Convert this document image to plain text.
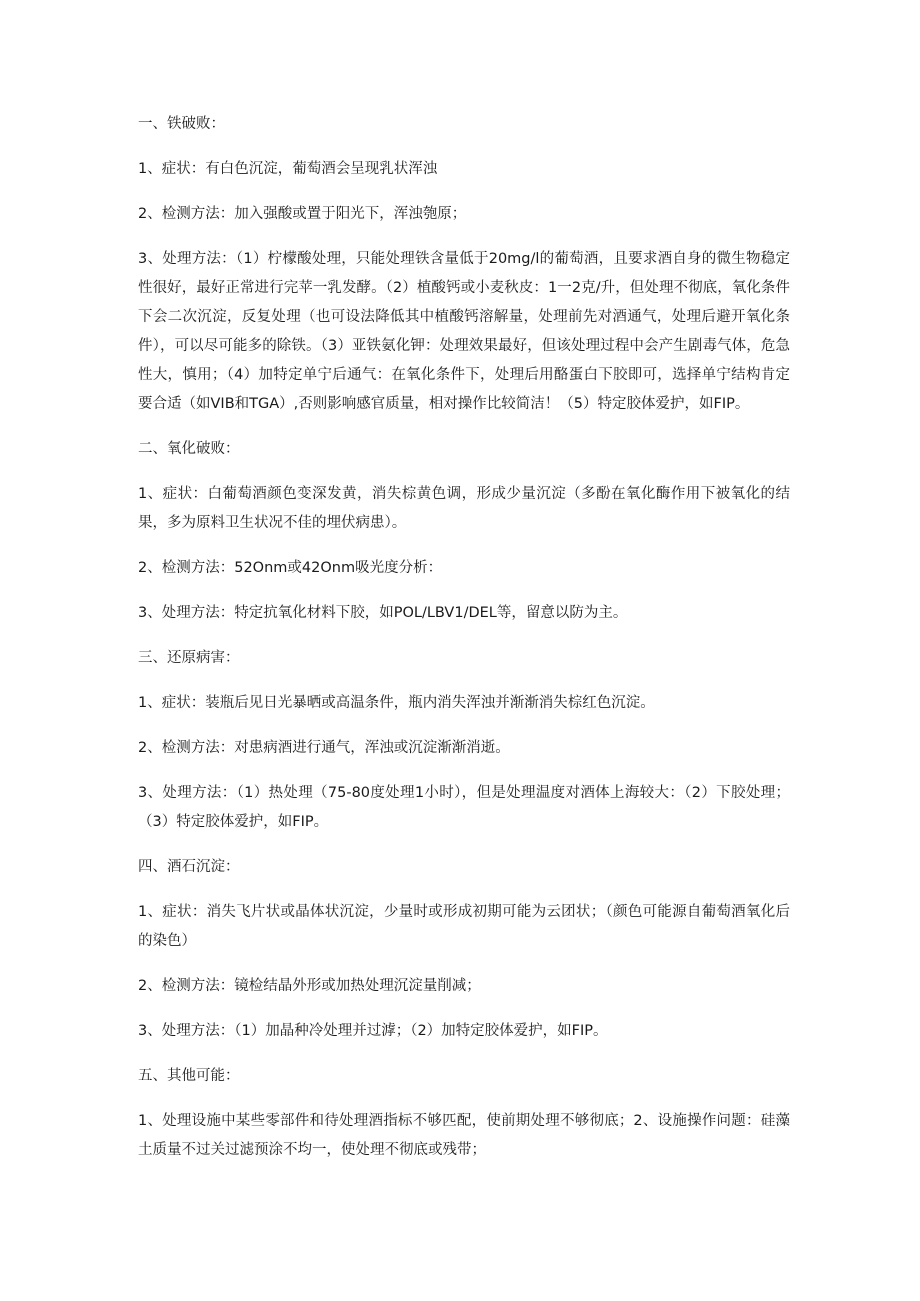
一、铁破败：

1、症状：有白色沉淀，葡萄酒会呈现乳状浑浊

2、检测方法：加入强酸或置于阳光下，浑浊匏原；

3、处理方法：（1）柠檬酸处理，只能处理铁含量低于20mg/l的葡萄酒，且要求酒自身的微生物稳定性很好，最好正常进行完苹一乳发酵。（2）植酸钙或小麦秋皮：1一2克/升，但处理不彻底，氧化条件下会二次沉淀，反复处理（也可设法降低其中植酸钙溶解量，处理前先对酒通气，处理后避开氧化条件），可以尽可能多的除铁。（3）亚铁氨化钾：处理效果最好，但该处理过程中会产生剧毒气体，危急性大，慎用；（4）加特定单宁后通气：在氧化条件下，处理后用酪蛋白下胶即可，选择单宁结构肯定要合适（如VIB和TGA）,否则影响感官质量，相对操作比较简洁！（5）特定胶体爱护，如FIP。

二、氧化破败：

1、症状：白葡萄酒颜色变深发黄，消失棕黄色调，形成少量沉淀（多酚在氧化酶作用下被氧化的结果，多为原料卫生状况不佳的埋伏病患）。

2、检测方法：52Onm或42Onm吸光度分析：

3、处理方法：特定抗氧化材料下胶，如POL/LBV1/DEL等，留意以防为主。

三、还原病害：

1、症状：装瓶后见日光暴晒或高温条件，瓶内消失浑浊并渐渐消失棕红色沉淀。

2、检测方法：对患病酒进行通气，浑浊或沉淀渐渐消逝。

3、处理方法：（1）热处理（75-80度处理1小时），但是处理温度对酒体上海较大：（2）下胶处理；（3）特定胶体爱护，如FIP。

四、酒石沉淀：

1、症状：消失飞片状或晶体状沉淀，少量时或形成初期可能为云团状；（颜色可能源自葡萄酒氧化后的染色）

2、检测方法：镜检结晶外形或加热处理沉淀量削减；

3、处理方法：（1）加晶种冷处理并过滹；（2）加特定胶体爱护，如FIP。

五、其他可能：

1、处理设施中某些零部件和待处理酒指标不够匹配，使前期处理不够彻底；2、设施操作问题：硅藻土质量不过关过滤预涂不均一，使处理不彻底或残带；
